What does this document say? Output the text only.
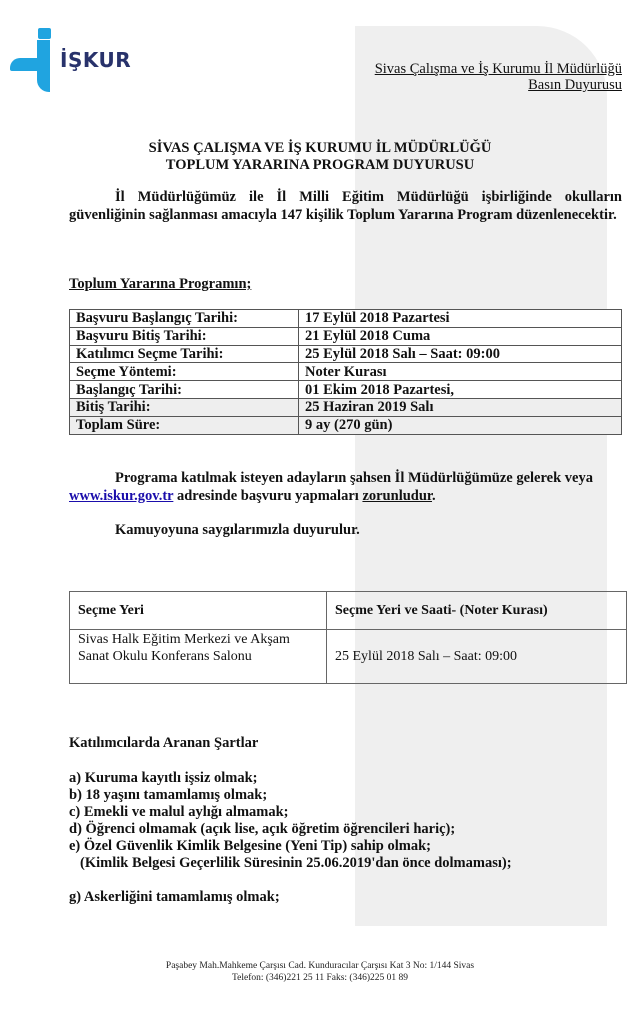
İŞKUR	Sivas Çalışma ve İş Kurumu İl Müdürlüğü
Basın Duyurusu
SİVAS ÇALIŞMA VE İŞ KURUMU İL MÜDÜRLÜĞÜ
TOPLUM YARARINA PROGRAM DUYURUSU
İl Müdürlüğümüz ile İl Milli Eğitim Müdürlüğü işbirliğinde okulların güvenliğinin sağlanması amacıyla 147 kişilik Toplum Yararına Program düzenlenecektir.
Toplum Yararına Programın;
Başvuru Başlangıç Tarihi:	17 Eylül 2018 Pazartesi
Başvuru Bitiş Tarihi:	21 Eylül 2018 Cuma
Katılımcı Seçme Tarihi:	25 Eylül 2018 Salı – Saat: 09:00
Seçme Yöntemi:	Noter Kurası
Başlangıç Tarihi:	01 Ekim 2018 Pazartesi,
Bitiş Tarihi:	25 Haziran 2019 Salı
Toplam Süre:	9 ay (270 gün)
Programa katılmak isteyen adayların şahsen İl Müdürlüğümüze gelerek veya www.iskur.gov.tr adresinde başvuru yapmaları zorunludur.
Kamuyoyuna saygılarımızla duyurulur.
Seçme Yeri	Seçme Yeri ve Saati- (Noter Kurası)

Sivas Halk Eğitim Merkezi ve Akşam
Sanat Okulu Konferans Salonu	25 Eylül 2018 Salı – Saat: 09:00
Katılımcılarda Aranan Şartlar
a) Kuruma kayıtlı işsiz olmak;
b) 18 yaşını tamamlamış olmak;
c) Emekli ve malul aylığı almamak;
d) Öğrenci olmamak (açık lise, açık öğretim öğrencileri hariç);
e) Özel Güvenlik Kimlik Belgesine (Yeni Tip) sahip olmak;
(Kimlik Belgesi Geçerlilik Süresinin 25.06.2019'dan önce dolmaması);
g) Askerliğini tamamlamış olmak;
Paşabey Mah.Mahkeme Çarşısı Cad. Kunduracılar Çarşısı Kat 3 No: 1/144 Sivas
Telefon: (346)221 25 11 Faks: (346)225 01 89
